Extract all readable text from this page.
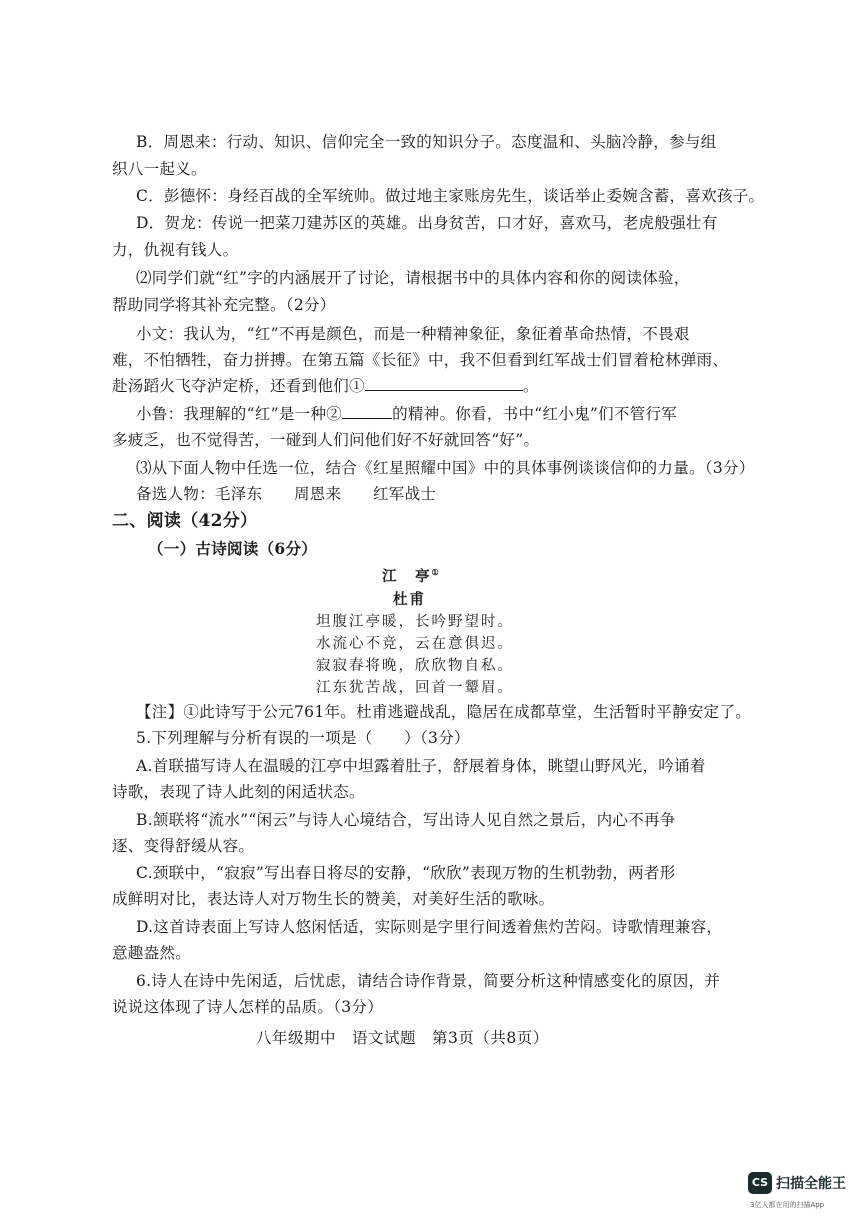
B．周恩来：行动、知识、信仰完全一致的知识分子。态度温和、头脑冷静，参与组
织八一起义。
C．彭德怀：身经百战的全军统帅。做过地主家账房先生，谈话举止委婉含蓄，喜欢孩子。
D．贺龙：传说一把菜刀建苏区的英雄。出身贫苦，口才好，喜欢马，老虎般强壮有
力，仇视有钱人。
⑵同学们就“红”字的内涵展开了讨论，请根据书中的具体内容和你的阅读体验，
帮助同学将其补充完整。（2分）
小文：我认为，“红”不再是颜色，而是一种精神象征，象征着革命热情，不畏艰
难，不怕牺牲，奋力拼搏。在第五篇《长征》中，我不但看到红军战士们冒着枪林弹雨、
赴汤蹈火飞夺泸定桥，还看到他们①	。
小鲁：我理解的“红”是一种②	的精神。你看，书中“红小鬼”们不管行军
多疲乏，也不觉得苦，一碰到人们问他们好不好就回答“好”。
⑶从下面人物中任选一位，结合《红星照耀中国》中的具体事例谈谈信仰的力量。（3分）
备选人物：毛泽东　　周恩来　　红军战士
二、阅读（42分）
（一）古诗阅读（6分）
江　亭①
杜甫
坦腹江亭暖，长吟野望时。
水流心不竞，云在意俱迟。
寂寂春将晚，欣欣物自私。
江东犹苦战，回首一颦眉。
【注】①此诗写于公元761年。杜甫逃避战乱，隐居在成都草堂，生活暂时平静安定了。
5.下列理解与分析有误的一项是（　　）（3分）
A.首联描写诗人在温暖的江亭中坦露着肚子，舒展着身体，眺望山野风光，吟诵着
诗歌，表现了诗人此刻的闲适状态。
B.颔联将“流水”“闲云”与诗人心境结合，写出诗人见自然之景后，内心不再争
逐、变得舒缓从容。
C.颈联中，“寂寂”写出春日将尽的安静，“欣欣”表现万物的生机勃勃，两者形
成鲜明对比，表达诗人对万物生长的赞美，对美好生活的歌咏。
D.这首诗表面上写诗人悠闲恬适，实际则是字里行间透着焦灼苦闷。诗歌情理兼容，
意趣盎然。
6.诗人在诗中先闲适，后忧虑，请结合诗作背景，简要分析这种情感变化的原因，并
说说这体现了诗人怎样的品质。（3分）
八年级期中　语文试题　第3页（共8页）
CS 扫描全能王
3亿人都在用的扫描App
